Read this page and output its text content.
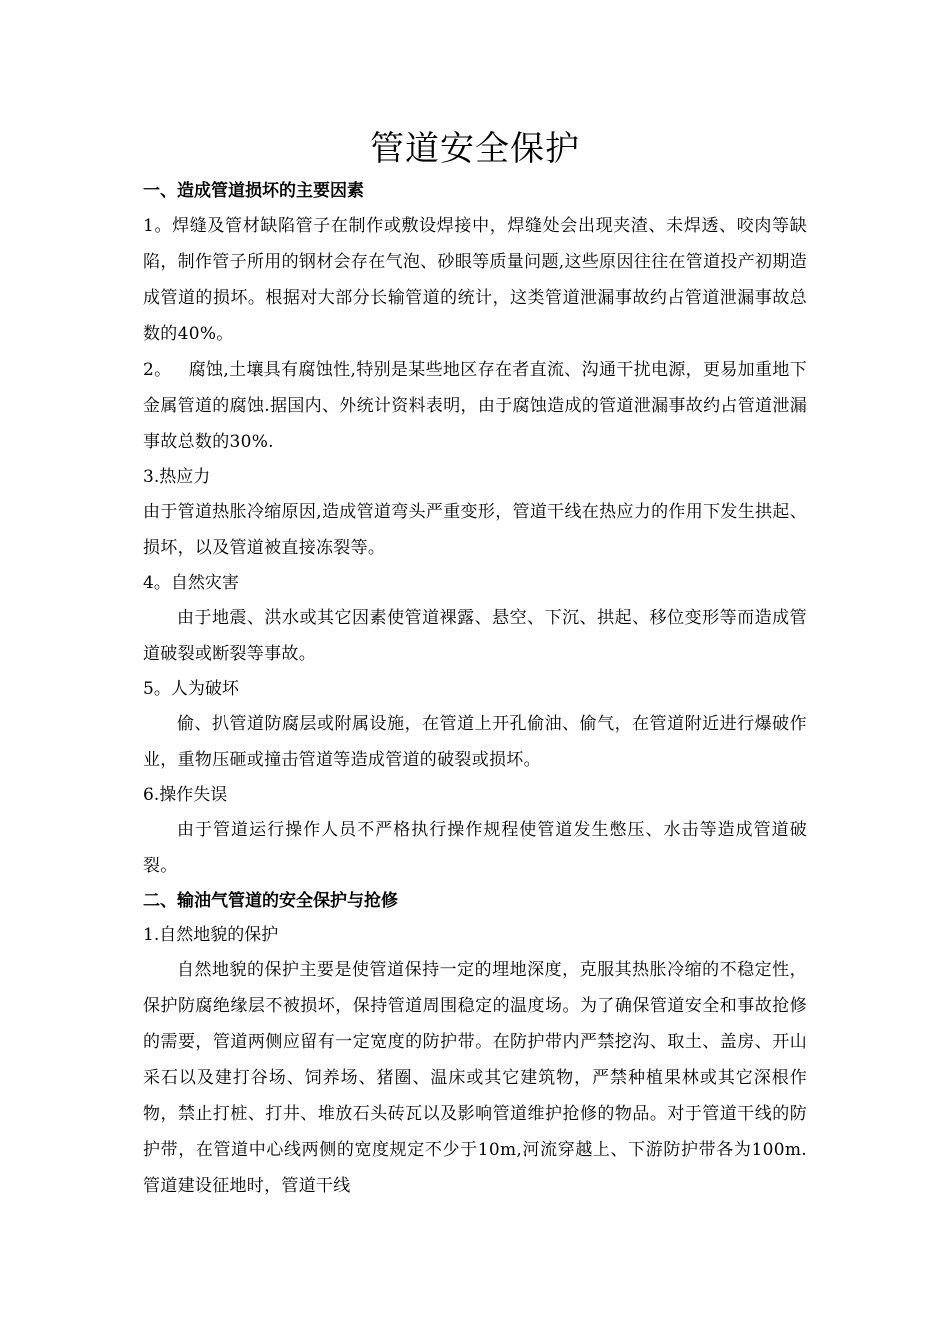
管道安全保护

一、造成管道损坏的主要因素

1。焊缝及管材缺陷管子在制作或敷设焊接中，焊缝处会出现夹渣、未焊透、咬肉等缺陷，制作管子所用的钢材会存在气泡、砂眼等质量问题,这些原因往往在管道投产初期造成管道的损坏。根据对大部分长输管道的统计，这类管道泄漏事故约占管道泄漏事故总数的40%。

2。   腐蚀,土壤具有腐蚀性,特别是某些地区存在者直流、沟通干扰电源，更易加重地下金属管道的腐蚀.据国内、外统计资料表明，由于腐蚀造成的管道泄漏事故约占管道泄漏事故总数的30%.

3.热应力

由于管道热胀冷缩原因,造成管道弯头严重变形，管道干线在热应力的作用下发生拱起、损坏，以及管道被直接冻裂等。

4。自然灾害

由于地震、洪水或其它因素使管道裸露、悬空、下沉、拱起、移位变形等而造成管道破裂或断裂等事故。

5。人为破坏

偷、扒管道防腐层或附属设施，在管道上开孔偷油、偷气，在管道附近进行爆破作业，重物压砸或撞击管道等造成管道的破裂或损坏。

6.操作失误

由于管道运行操作人员不严格执行操作规程使管道发生憋压、水击等造成管道破裂。

二、输油气管道的安全保护与抢修

1.自然地貌的保护

自然地貌的保护主要是使管道保持一定的埋地深度，克服其热胀冷缩的不稳定性，保护防腐绝缘层不被损坏，保持管道周围稳定的温度场。为了确保管道安全和事故抢修的需要，管道两侧应留有一定宽度的防护带。在防护带内严禁挖沟、取土、盖房、开山采石以及建打谷场、饲养场、猪圈、温床或其它建筑物，严禁种植果林或其它深根作物，禁止打桩、打井、堆放石头砖瓦以及影响管道维护抢修的物品。对于管道干线的防护带，在管道中心线两侧的宽度规定不少于10m,河流穿越上、下游防护带各为100m.管道建设征地时，管道干线
